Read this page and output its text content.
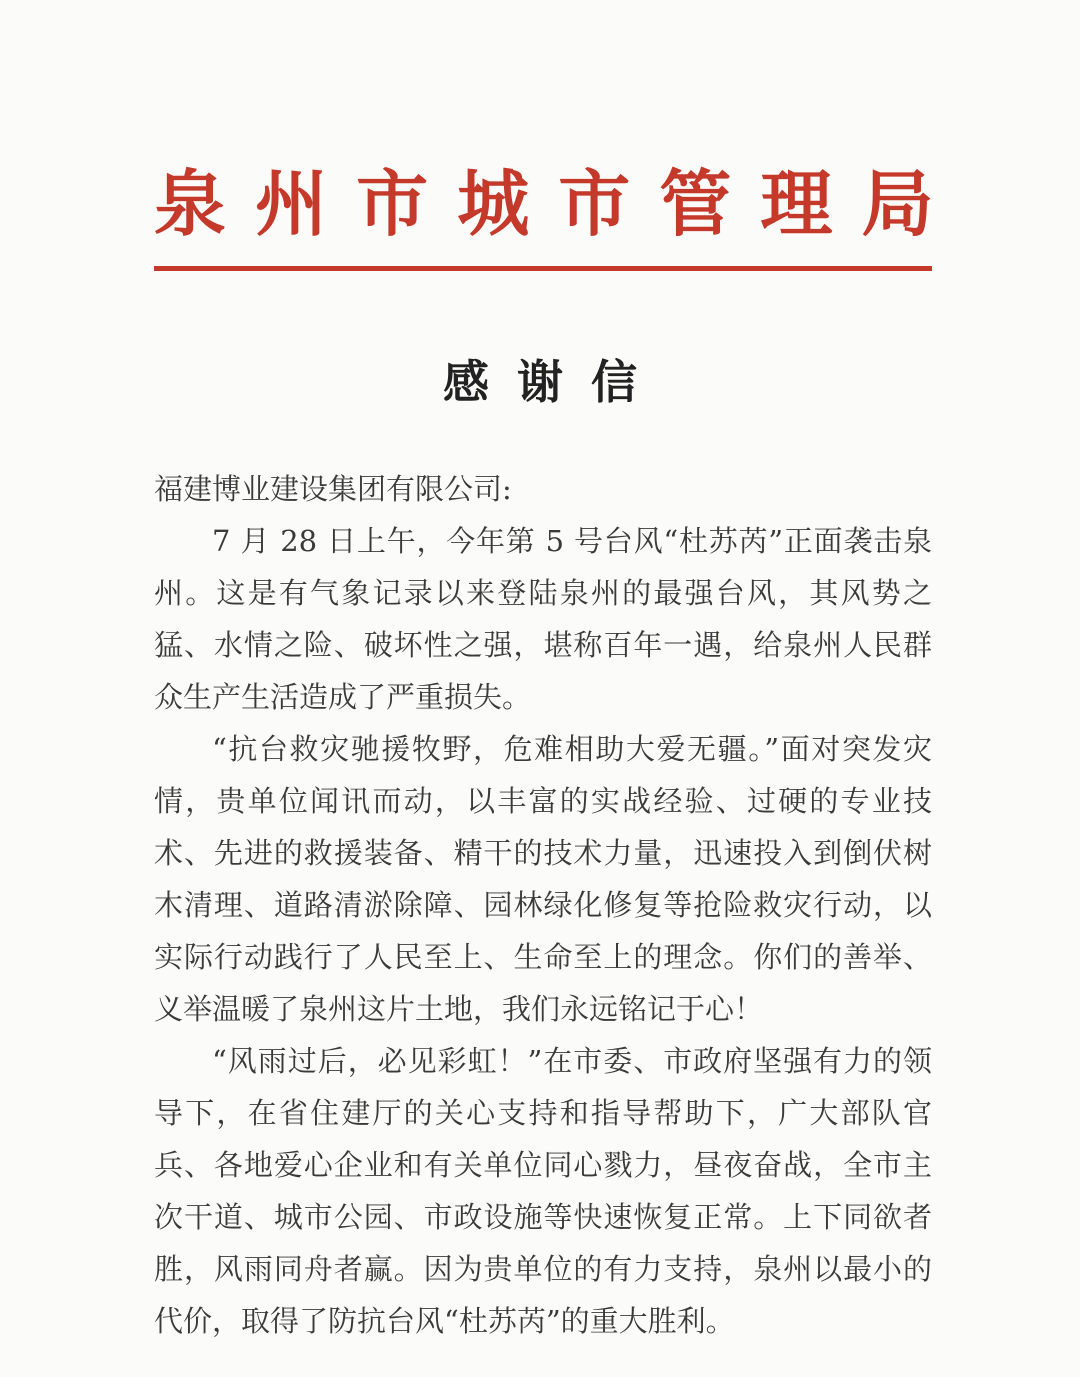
泉 州 市 城 市 管 理 局
感 谢 信

福建博业建设集团有限公司:

7 月 28 日上午，今年第 5 号台风“杜苏芮”正面袭击泉州。这是有气象记录以来登陆泉州的最强台风，其风势之猛、水情之险、破坏性之强，堪称百年一遇，给泉州人民群众生产生活造成了严重损失。

“抗台救灾驰援牧野，危难相助大爱无疆。”面对突发灾情，贵单位闻讯而动，以丰富的实战经验、过硬的专业技术、先进的救援装备、精干的技术力量，迅速投入到倒伏树木清理、道路清淤除障、园林绿化修复等抢险救灾行动，以实际行动践行了人民至上、生命至上的理念。你们的善举、义举温暖了泉州这片土地，我们永远铭记于心！

“风雨过后，必见彩虹！”在市委、市政府坚强有力的领导下，在省住建厅的关心支持和指导帮助下，广大部队官兵、各地爱心企业和有关单位同心戮力，昼夜奋战，全市主次干道、城市公园、市政设施等快速恢复正常。上下同欲者胜，风雨同舟者赢。因为贵单位的有力支持，泉州以最小的代价，取得了防抗台风“杜苏芮”的重大胜利。
